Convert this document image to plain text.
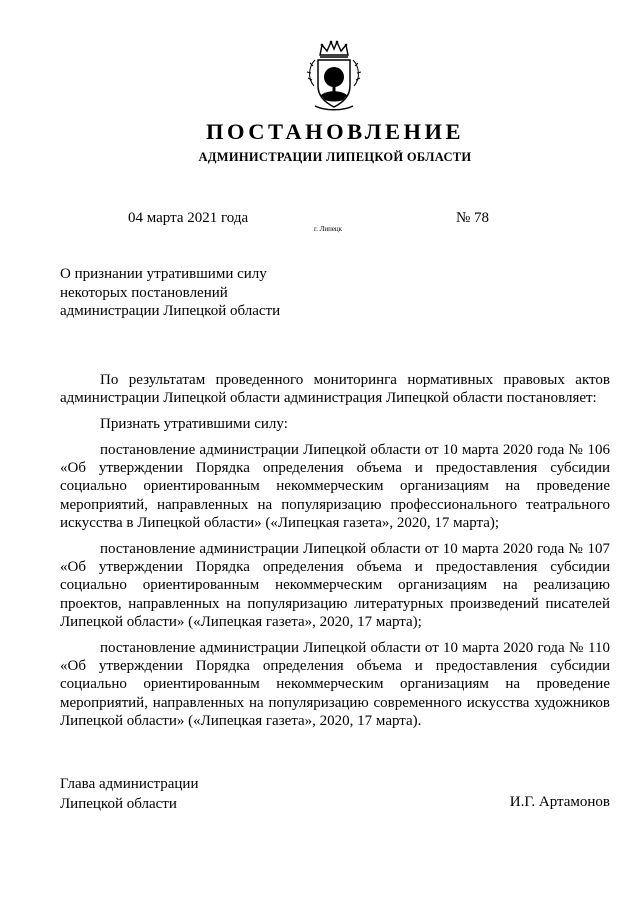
ПОСТАНОВЛЕНИЕ
АДМИНИСТРАЦИИ ЛИПЕЦКОЙ ОБЛАСТИ
04 марта 2021 года
г. Липецк
№ 78
О признании утратившими силу
некоторых постановлений
администрации Липецкой области

По результатам проведенного мониторинга нормативных правовых актов администрации Липецкой области администрация Липецкой области постановляет:

Признать утратившими силу:

постановление администрации Липецкой области от 10 марта 2020 года № 106 «Об утверждении Порядка определения объема и предоставления субсидии социально ориентированным некоммерческим организациям на проведение мероприятий, направленных на популяризацию профессионального театрального искусства в Липецкой области» («Липецкая газета», 2020, 17 марта);

постановление администрации Липецкой области от 10 марта 2020 года № 107 «Об утверждении Порядка определения объема и предоставления субсидии социально ориентированным некоммерческим организациям на реализацию проектов, направленных на популяризацию литературных произведений писателей Липецкой области» («Липецкая газета», 2020, 17 марта);

постановление администрации Липецкой области от 10 марта 2020 года № 110 «Об утверждении Порядка определения объема и предоставления субсидии социально ориентированным некоммерческим организациям на проведение мероприятий, направленных на популяризацию современного искусства художников Липецкой области» («Липецкая газета», 2020, 17 марта).

Глава администрации
Липецкой области	И.Г. Артамонов
